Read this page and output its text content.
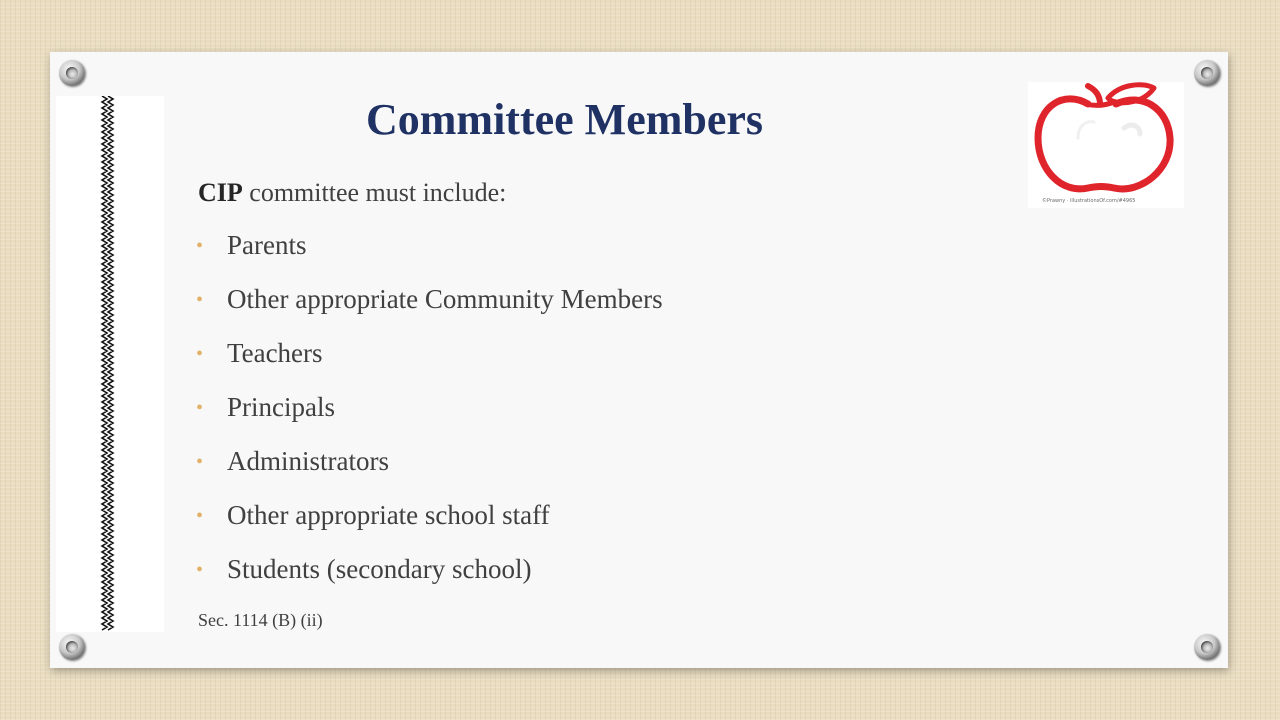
Committee Members
CIP committee must include:
• Parents
• Other appropriate Community Members
• Teachers
• Principals
• Administrators
• Other appropriate school staff
• Students (secondary school)
Sec. 1114 (B) (ii)
©Prawny · illustrationsOf.com/#4965
